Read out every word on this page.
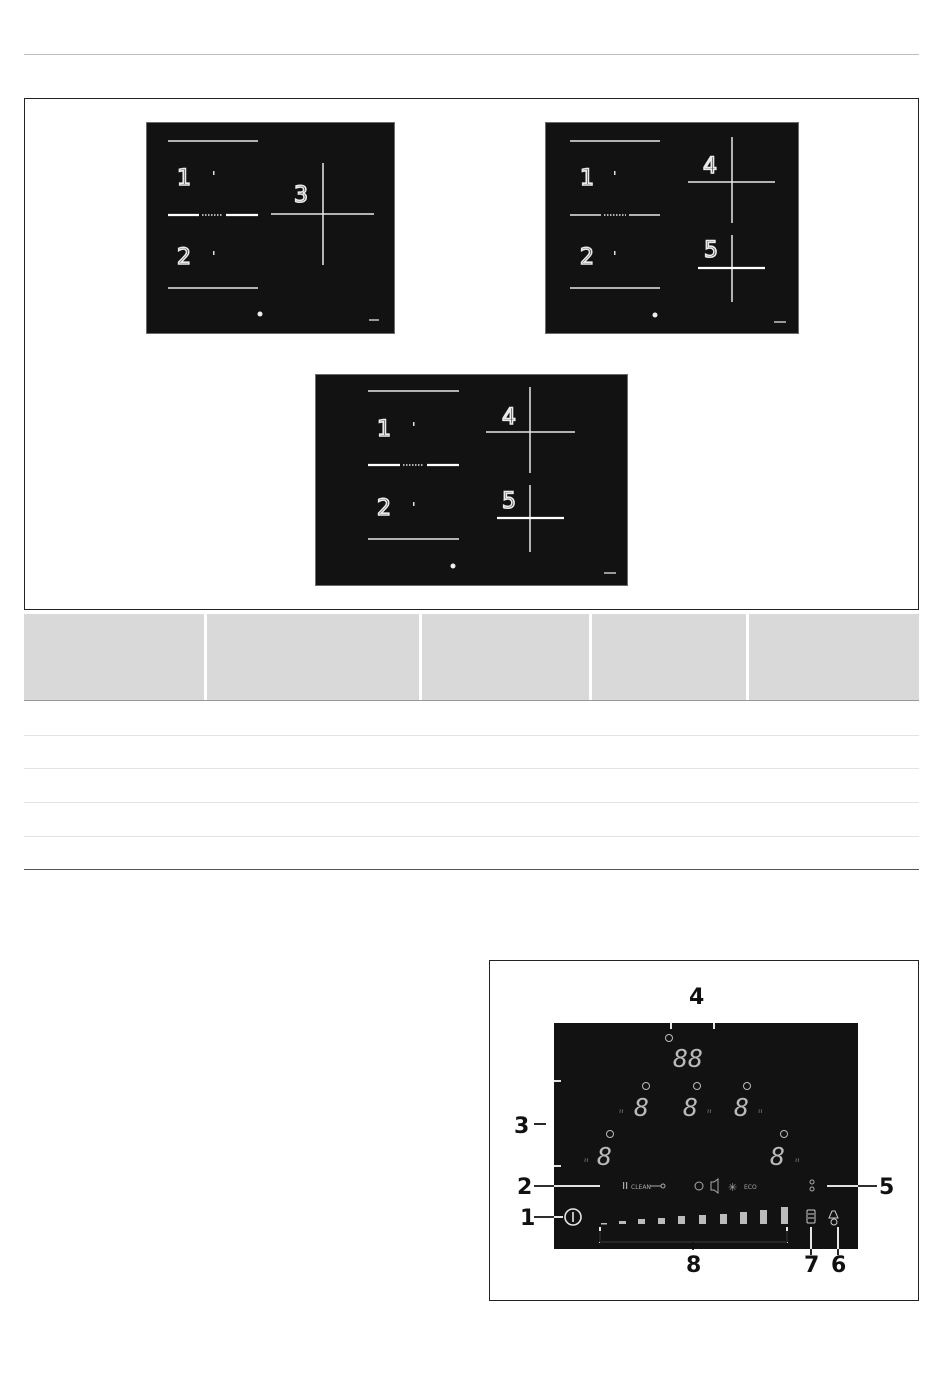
1
2
3
1
2
4
5
1
2
4
5
4
88
≀≀ 8 8 ≀≀ 8 ≀≀
≀≀ 8	8 ≀≀
3
2	CLEAN	✳ ECO	5
1
8	7 6
